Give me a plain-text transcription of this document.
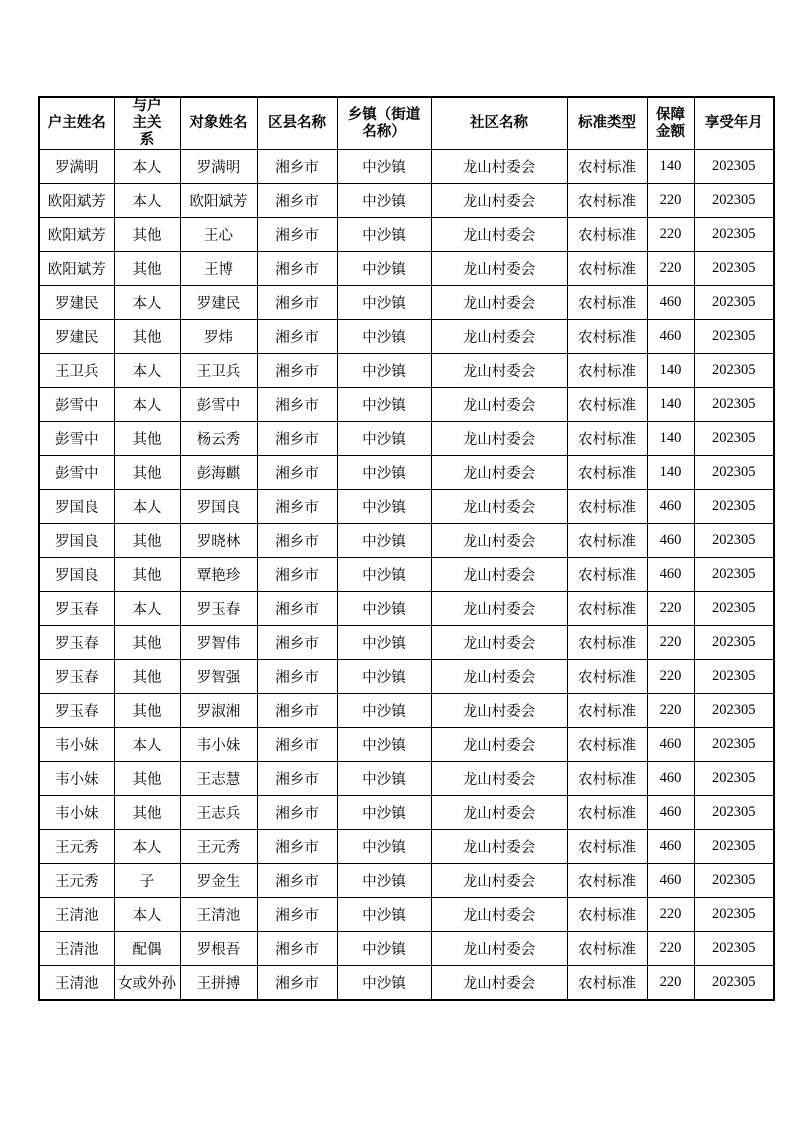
户主姓名	与户主关系	对象姓名	区县名称	乡镇（街道名称）	社区名称	标准类型	保障金额	享受年月
罗满明	本人	罗满明	湘乡市	中沙镇	龙山村委会	农村标准	140	202305
欧阳斌芳	本人	欧阳斌芳	湘乡市	中沙镇	龙山村委会	农村标准	220	202305
欧阳斌芳	其他	王心	湘乡市	中沙镇	龙山村委会	农村标准	220	202305
欧阳斌芳	其他	王博	湘乡市	中沙镇	龙山村委会	农村标准	220	202305
罗建民	本人	罗建民	湘乡市	中沙镇	龙山村委会	农村标准	460	202305
罗建民	其他	罗炜	湘乡市	中沙镇	龙山村委会	农村标准	460	202305
王卫兵	本人	王卫兵	湘乡市	中沙镇	龙山村委会	农村标准	140	202305
彭雪中	本人	彭雪中	湘乡市	中沙镇	龙山村委会	农村标准	140	202305
彭雪中	其他	杨云秀	湘乡市	中沙镇	龙山村委会	农村标准	140	202305
彭雪中	其他	彭海麒	湘乡市	中沙镇	龙山村委会	农村标准	140	202305
罗国良	本人	罗国良	湘乡市	中沙镇	龙山村委会	农村标准	460	202305
罗国良	其他	罗晓林	湘乡市	中沙镇	龙山村委会	农村标准	460	202305
罗国良	其他	覃艳珍	湘乡市	中沙镇	龙山村委会	农村标准	460	202305
罗玉春	本人	罗玉春	湘乡市	中沙镇	龙山村委会	农村标准	220	202305
罗玉春	其他	罗智伟	湘乡市	中沙镇	龙山村委会	农村标准	220	202305
罗玉春	其他	罗智强	湘乡市	中沙镇	龙山村委会	农村标准	220	202305
罗玉春	其他	罗淑湘	湘乡市	中沙镇	龙山村委会	农村标准	220	202305
韦小妹	本人	韦小妹	湘乡市	中沙镇	龙山村委会	农村标准	460	202305
韦小妹	其他	王志慧	湘乡市	中沙镇	龙山村委会	农村标准	460	202305
韦小妹	其他	王志兵	湘乡市	中沙镇	龙山村委会	农村标准	460	202305
王元秀	本人	王元秀	湘乡市	中沙镇	龙山村委会	农村标准	460	202305
王元秀	子	罗金生	湘乡市	中沙镇	龙山村委会	农村标准	460	202305
王清池	本人	王清池	湘乡市	中沙镇	龙山村委会	农村标准	220	202305
王清池	配偶	罗根吾	湘乡市	中沙镇	龙山村委会	农村标准	220	202305
王清池	女或外孙	王拼搏	湘乡市	中沙镇	龙山村委会	农村标准	220	202305
